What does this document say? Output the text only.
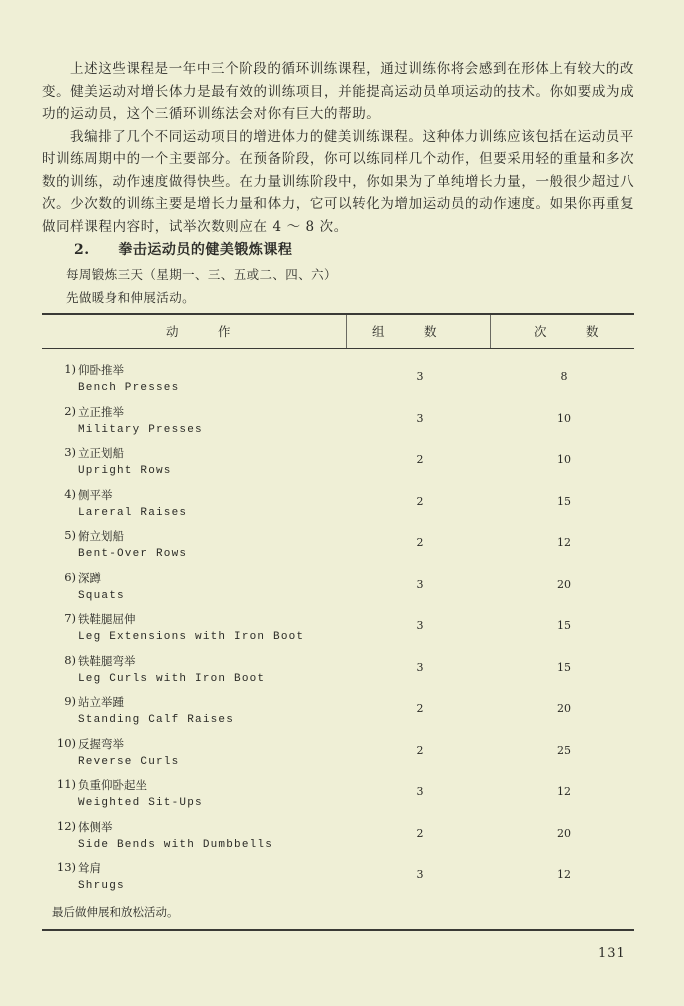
上述这些课程是一年中三个阶段的循环训练课程，通过训练你将会感到在形体上有较大的改变。健美运动对增长体力是最有效的训练项目，并能提高运动员单项运动的技术。你如要成为成功的运动员，这个三循环训练法会对你有巨大的帮助。

我编排了几个不同运动项目的增进体力的健美训练课程。这种体力训练应该包括在运动员平时训练周期中的一个主要部分。在预备阶段，你可以练同样几个动作，但要采用轻的重量和多次数的训练，动作速度做得快些。在力量训练阶段中，你如果为了单纯增长力量，一般很少超过八次。少次数的训练主要是增长力量和体力，它可以转化为增加运动员的动作速度。如果你再重复做同样课程内容时，试举次数则应在 4 ～ 8 次。

2. 拳击运动员的健美锻炼课程
每周锻炼三天（星期一、三、五或二、四、六）
先做暖身和伸展活动。
动　　　作	组　　　数	次　　　数
1) 仰卧推举
Bench Presses
3	8
2) 立正推举
Military Presses
3	10
3) 立正划船
Upright Rows
2	10
4) 侧平举
Lareral Raises
2	15
5) 俯立划船
Bent-Over Rows
2	12
6) 深蹲
Squats
3	20
7) 铁鞋腿屈伸
Leg Extensions with Iron Boot
3	15
8) 铁鞋腿弯举
Leg Curls with Iron Boot
3	15
9) 站立举踵
Standing Calf Raises
2	20
10) 反握弯举
Reverse Curls
2	25
11) 负重仰卧起坐
Weighted Sit-Ups
3	12
12) 体侧举
Side Bends with Dumbbells
2	20
13) 耸肩
Shrugs
3	12
最后做伸展和放松活动。
131
